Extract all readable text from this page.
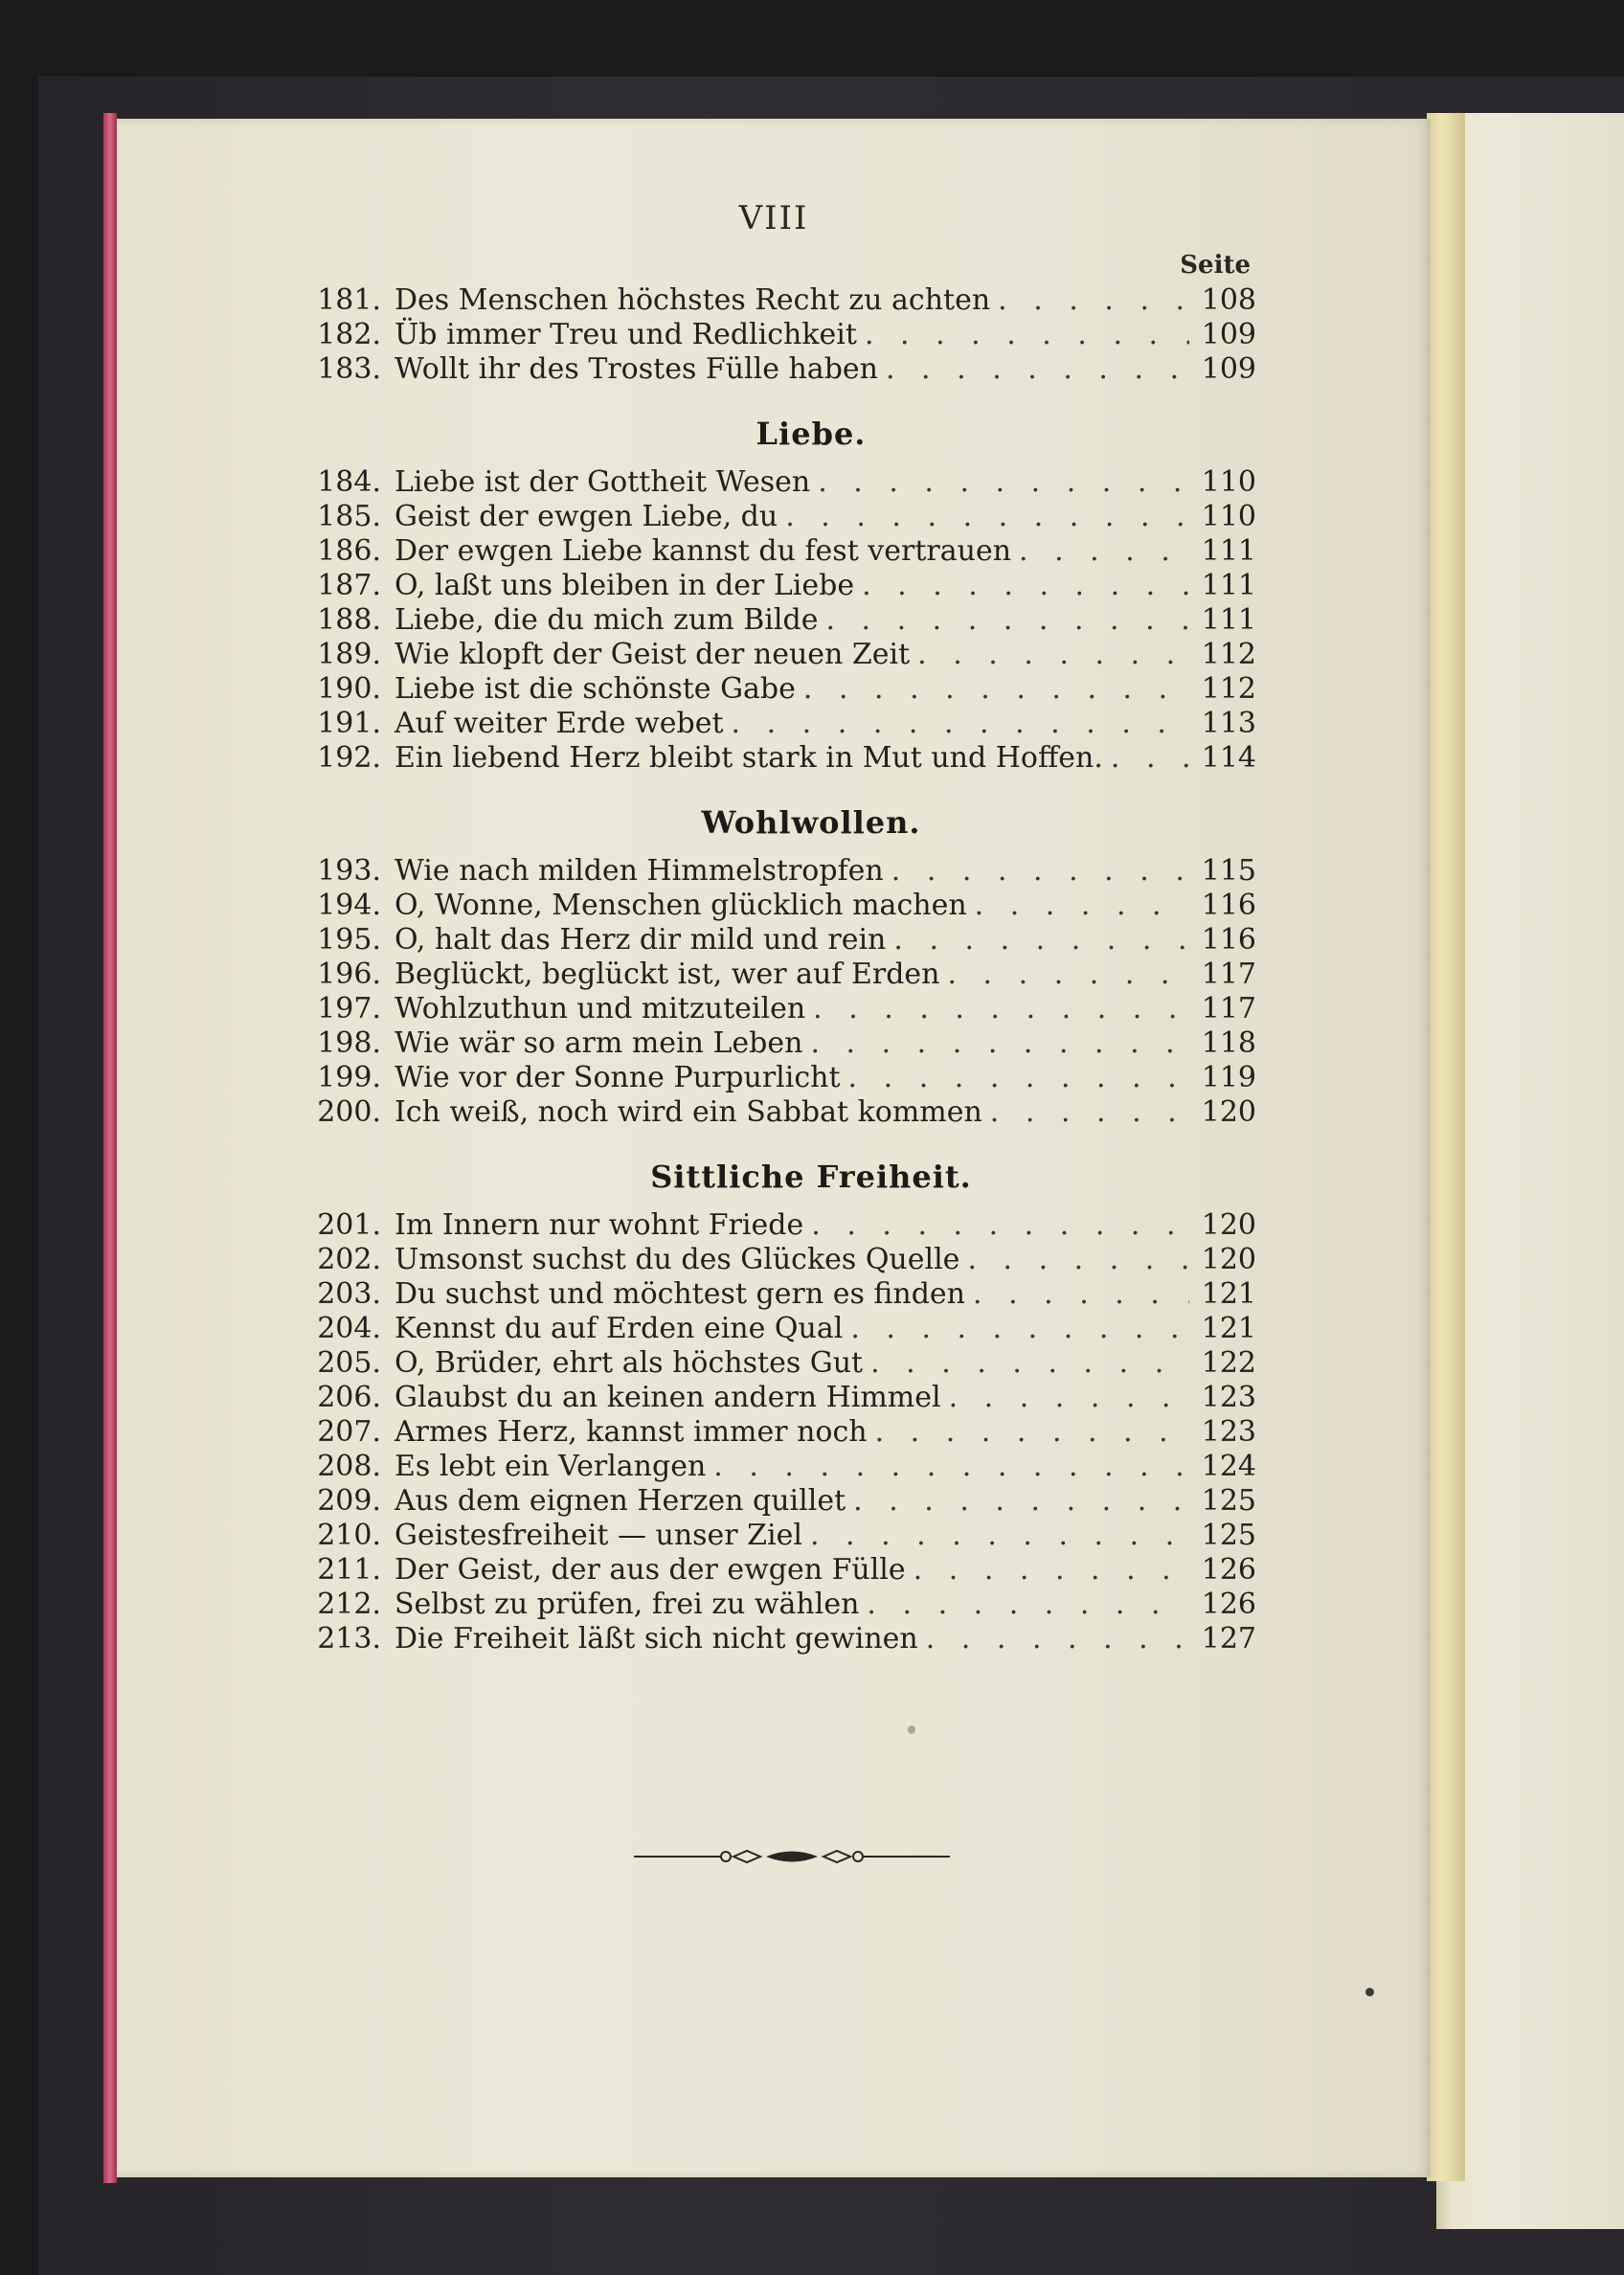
VIII
Seite
181. Des Menschen höchstes Recht zu achten . . .	108
182. Üb immer Treu und Redlichkeit . . .	109
183. Wollt ihr des Trostes Fülle haben . . .	109
Liebe.
184. Liebe ist der Gottheit Wesen . . .	110
185. Geist der ewgen Liebe, du . . .	110
186. Der ewgen Liebe kannst du fest vertrauen . . .	111
187. O, laßt uns bleiben in der Liebe . . .	111
188. Liebe, die du mich zum Bilde . . .	111
189. Wie klopft der Geist der neuen Zeit . . .	112
190. Liebe ist die schönste Gabe . . .	112
191. Auf weiter Erde webet . . .	113
192. Ein liebend Herz bleibt stark in Mut und Hoffen. . . .	114
Wohlwollen.
193. Wie nach milden Himmelstropfen . . .	115
194. O, Wonne, Menschen glücklich machen . . .	116
195. O, halt das Herz dir mild und rein . . .	116
196. Beglückt, beglückt ist, wer auf Erden . . .	117
197. Wohlzuthun und mitzuteilen . . .	117
198. Wie wär so arm mein Leben . . .	118
199. Wie vor der Sonne Purpurlicht . . .	119
200. Ich weiß, noch wird ein Sabbat kommen . . .	120
Sittliche Freiheit.
201. Im Innern nur wohnt Friede . . .	120
202. Umsonst suchst du des Glückes Quelle . . .	120
203. Du suchst und möchtest gern es finden . . .	121
204. Kennst du auf Erden eine Qual . . .	121
205. O, Brüder, ehrt als höchstes Gut . . .	122
206. Glaubst du an keinen andern Himmel . . .	123
207. Armes Herz, kannst immer noch . . .	123
208. Es lebt ein Verlangen . . .	124
209. Aus dem eignen Herzen quillet . . .	125
210. Geistesfreiheit — unser Ziel . . .	125
211. Der Geist, der aus der ewgen Fülle . . .	126
212. Selbst zu prüfen, frei zu wählen . . .	126
213. Die Freiheit läßt sich nicht gewinen . . .	127
